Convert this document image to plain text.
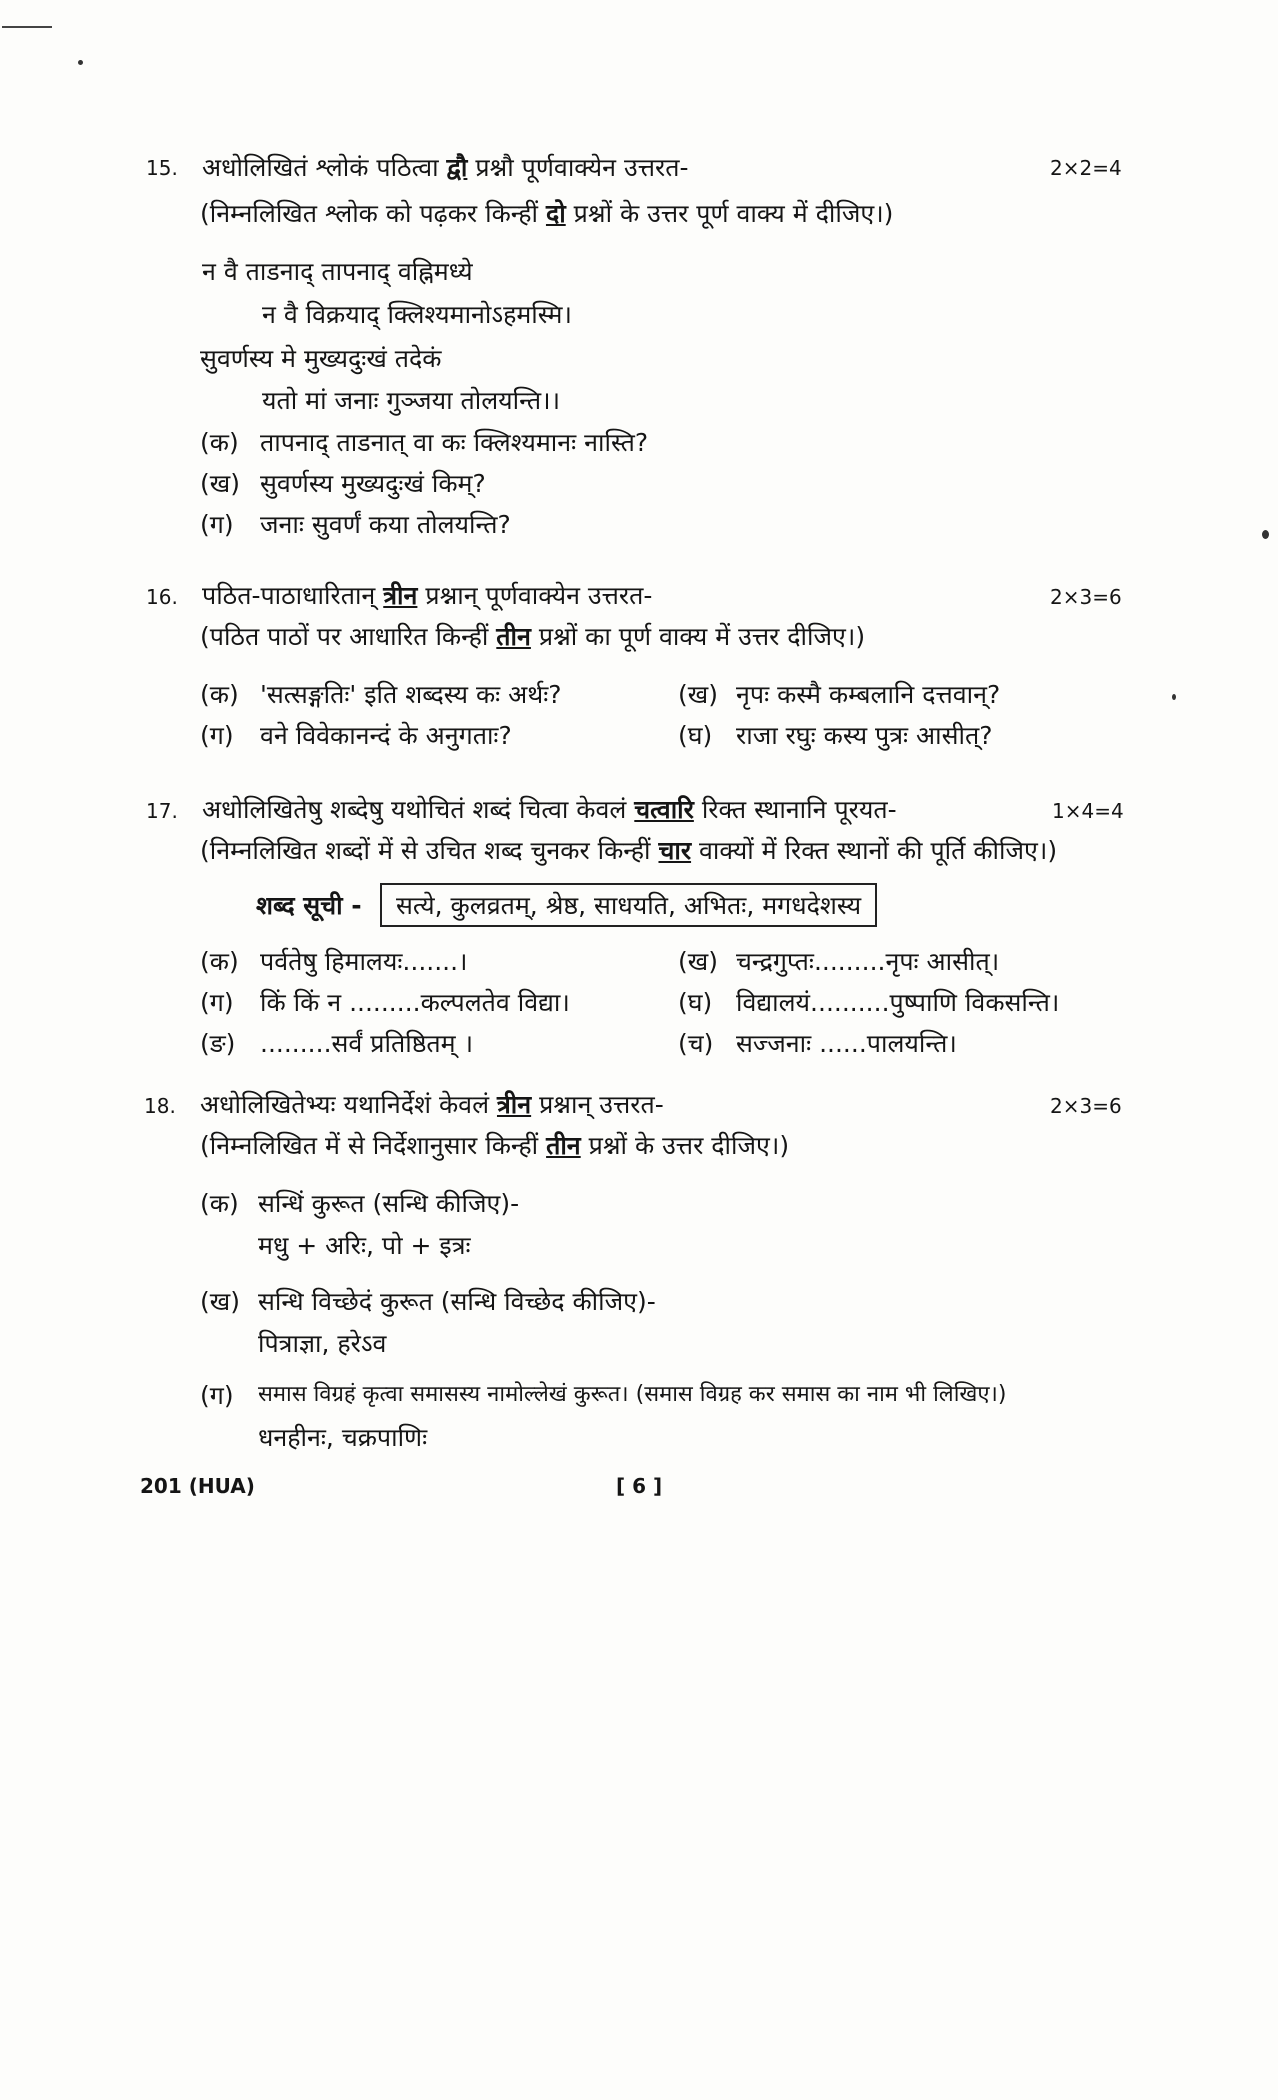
15. अधोलिखितं श्लोकं पठित्वा द्वौ प्रश्नौ पूर्णवाक्येन उत्तरत-	2×2=4
(निम्नलिखित श्लोक को पढ़कर किन्हीं दो प्रश्नों के उत्तर पूर्ण वाक्य में दीजिए।)
न वै ताडनाद् तापनाद् वह्निमध्ये
न वै विक्रयाद् क्लिश्यमानोऽहमस्मि।
सुवर्णस्य मे मुख्यदुःखं तदेकं
यतो मां जनाः गुञ्जया तोलयन्ति।।
(क) तापनाद् ताडनात् वा कः क्लिश्यमानः नास्ति?
(ख) सुवर्णस्य मुख्यदुःखं किम्?
(ग) जनाः सुवर्णं कया तोलयन्ति?
16. पठित-पाठाधारितान् त्रीन प्रश्नान् पूर्णवाक्येन उत्तरत-	2×3=6
(पठित पाठों पर आधारित किन्हीं तीन प्रश्नों का पूर्ण वाक्य में उत्तर दीजिए।)
(क) 'सत्सङ्गतिः' इति शब्दस्य कः अर्थः?	(ख) नृपः कस्मै कम्बलानि दत्तवान्?
(ग) वने विवेकानन्दं के अनुगताः?	(घ) राजा रघुः कस्य पुत्रः आसीत्?
17. अधोलिखितेषु शब्देषु यथोचितं शब्दं चित्वा केवलं चत्वारि रिक्त स्थानानि पूरयत-	1×4=4
(निम्नलिखित शब्दों में से उचित शब्द चुनकर किन्हीं चार वाक्यों में रिक्त स्थानों की पूर्ति कीजिए।)
शब्द सूची -	सत्ये, कुलव्रतम्, श्रेष्ठ, साधयति, अभितः, मगधदेशस्य
(क) पर्वतेषु हिमालयः.......।	(ख) चन्द्रगुप्तः.........नृपः आसीत्।
(ग) किं किं न .........कल्पलतेव विद्या।	(घ) विद्यालयं..........पुष्पाणि विकसन्ति।
(ङ) .........सर्वं प्रतिष्ठितम् ।	(च) सज्जनाः ......पालयन्ति।
18. अधोलिखितेभ्यः यथानिर्देशं केवलं त्रीन प्रश्नान् उत्तरत-	2×3=6
(निम्नलिखित में से निर्देशानुसार किन्हीं तीन प्रश्नों के उत्तर दीजिए।)
(क) सन्धिं कुरूत (सन्धि कीजिए)-
मधु + अरिः, पो + इत्रः
(ख) सन्धि विच्छेदं कुरूत (सन्धि विच्छेद कीजिए)-
पित्राज्ञा, हरेऽव
(ग) समास विग्रहं कृत्वा समासस्य नामोल्लेखं कुरूत। (समास विग्रह कर समास का नाम भी लिखिए।)
धनहीनः, चक्रपाणिः
201 (HUA)	[ 6 ]
